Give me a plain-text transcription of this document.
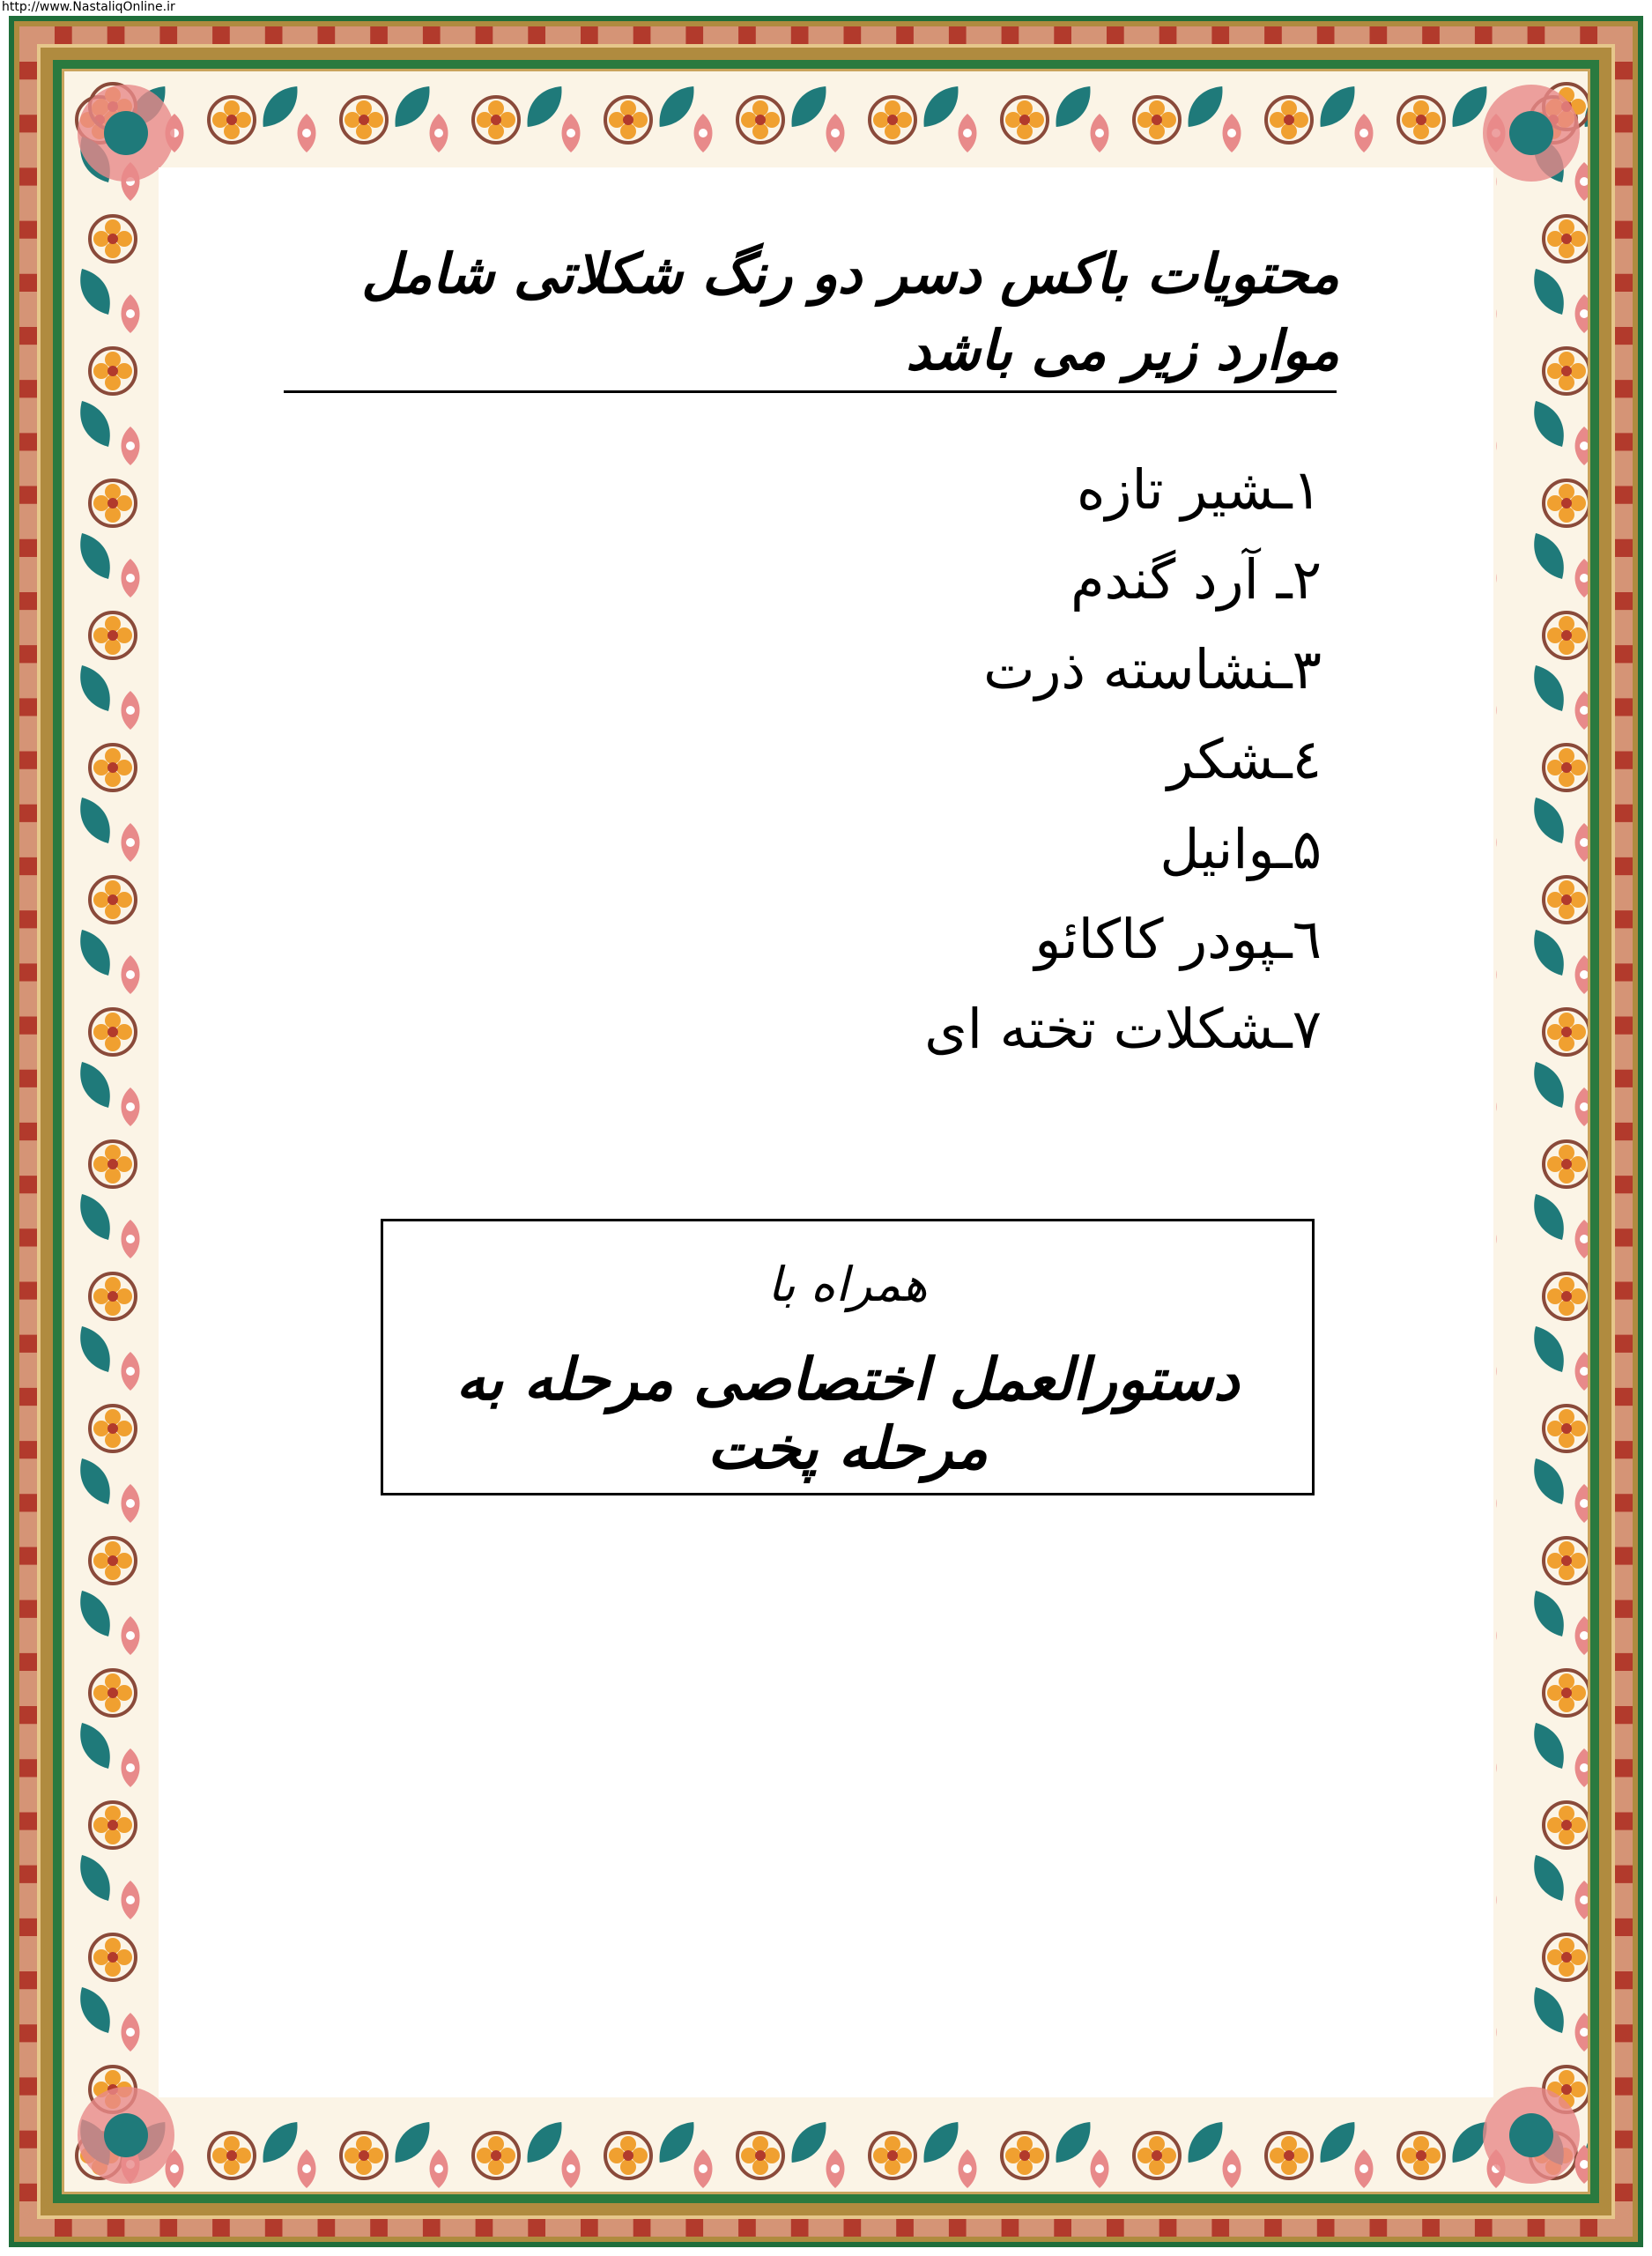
http://www.NastaliqOnline.ir
محتویات باکس دسر دو رنگ شکلاتی شامل موارد زیر می باشد
۱ـشیر تازه
۲ـ آرد گندم
۳ـنشاسته ذرت
٤ـشکر
۵ـوانیل
٦ـپودر کاکائو
۷ـشکلات تخته ای
همراه با
دستورالعمل اختصاصی مرحله به مرحله پخت
